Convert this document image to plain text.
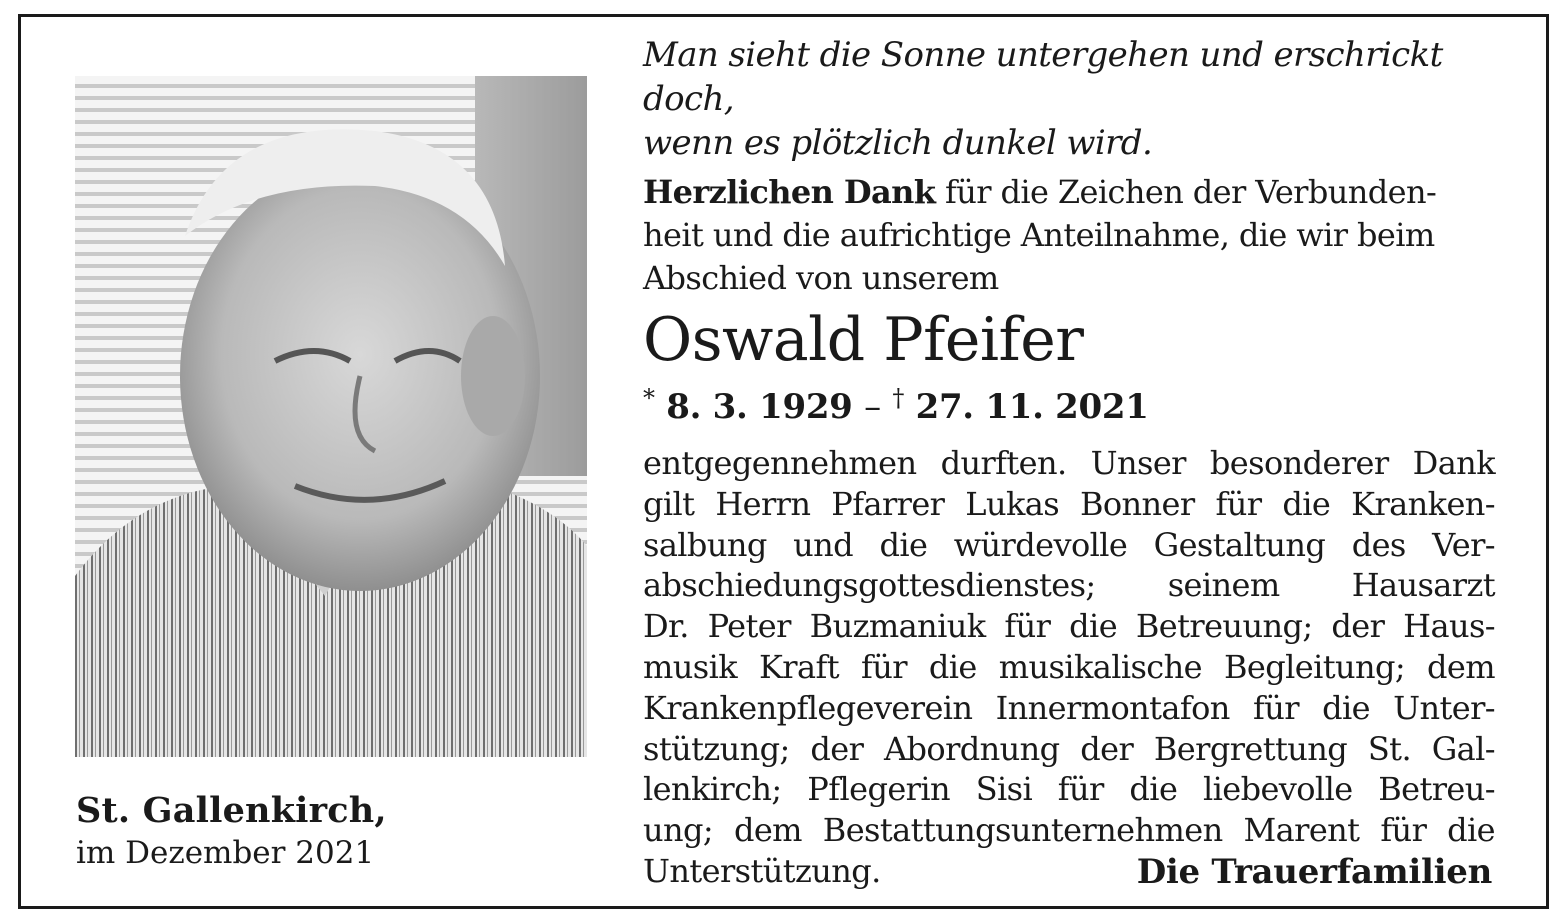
St. Gallenkirch,
im Dezember 2021
Man sieht die Sonne untergehen und erschrickt doch,
wenn es plötzlich dunkel wird.
Herzlichen Dank für die Zeichen der Verbunden-
heit und die aufrichtige Anteilnahme, die wir beim
Abschied von unserem
Oswald Pfeifer
* 8. 3. 1929 – † 27. 11. 2021
entgegennehmen durften. Unser besonderer Dank
gilt Herrn Pfarrer Lukas Bonner für die Kranken-
salbung und die würdevolle Gestaltung des Ver-
abschiedungsgottesdienstes; seinem Hausarzt
Dr. Peter Buzmaniuk für die Betreuung; der Haus-
musik Kraft für die musikalische Begleitung; dem
Krankenpflegeverein Innermontafon für die Unter-
stützung; der Abordnung der Bergrettung St. Gal-
lenkirch; Pflegerin Sisi für die liebevolle Betreu-
ung; dem Bestattungsunternehmen Marent für die
Unterstützung.	Die Trauerfamilien
